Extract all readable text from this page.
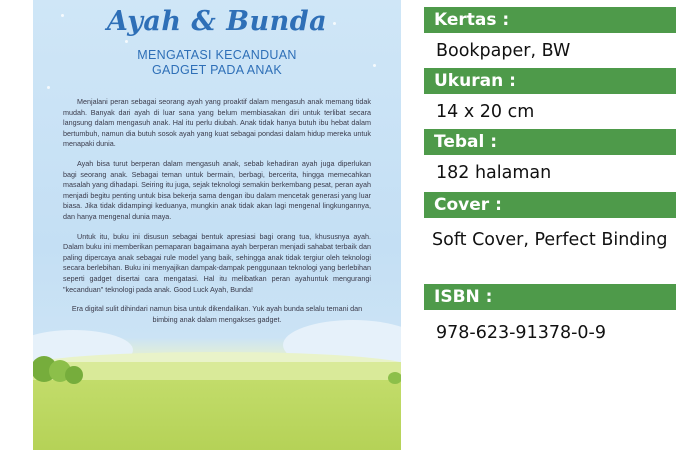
Ayah & Bunda
MENGATASI KECANDUAN
GADGET PADA ANAK

Menjalani peran sebagai seorang ayah yang proaktif dalam mengasuh anak memang tidak mudah. Banyak dari ayah di luar sana yang belum membiasakan diri untuk terlibat secara langsung dalam mengasuh anak. Hal itu perlu diubah. Anak tidak hanya butuh ibu hebat dalam bertumbuh, namun dia butuh sosok ayah yang kuat sebagai pondasi dalam hidup mereka untuk menapaki dunia.

Ayah bisa turut berperan dalam mengasuh anak, sebab kehadiran ayah juga diperlukan bagi seorang anak. Sebagai teman untuk bermain, berbagi, bercerita, hingga memecahkan masalah yang dihadapi. Seiring itu juga, sejak teknologi semakin berkembang pesat, peran ayah menjadi begitu penting untuk bisa bekerja sama dengan ibu dalam mencetak generasi yang luar biasa. Jika tidak didampingi keduanya, mungkin anak tidak akan lagi mengenal lingkungannya, dan hanya mengenal dunia maya.

Untuk itu, buku ini disusun sebagai bentuk apresiasi bagi orang tua, khususnya ayah. Dalam buku ini memberikan pemaparan bagaimana ayah berperan menjadi sahabat terbaik dan paling dipercaya anak sebagai rule model yang baik, sehingga anak tidak tergiur oleh teknologi secara berlebihan. Buku ini menyajikan dampak-dampak penggunaan teknologi yang berlebihan seperti gadget disertai cara mengatasi. Hal itu melibatkan peran ayahuntuk mengurangi "kecanduan" teknologi pada anak. Good Luck Ayah, Bunda!

Era digital sulit dihindari namun bisa untuk dikendalikan. Yuk ayah bunda selalu temani dan bimbing anak dalam mengakses gadget.

Kertas :
Bookpaper, BW
Ukuran :
14 x 20 cm
Tebal :
182 halaman
Cover :
Soft Cover, Perfect Binding
ISBN :
978-623-91378-0-9
